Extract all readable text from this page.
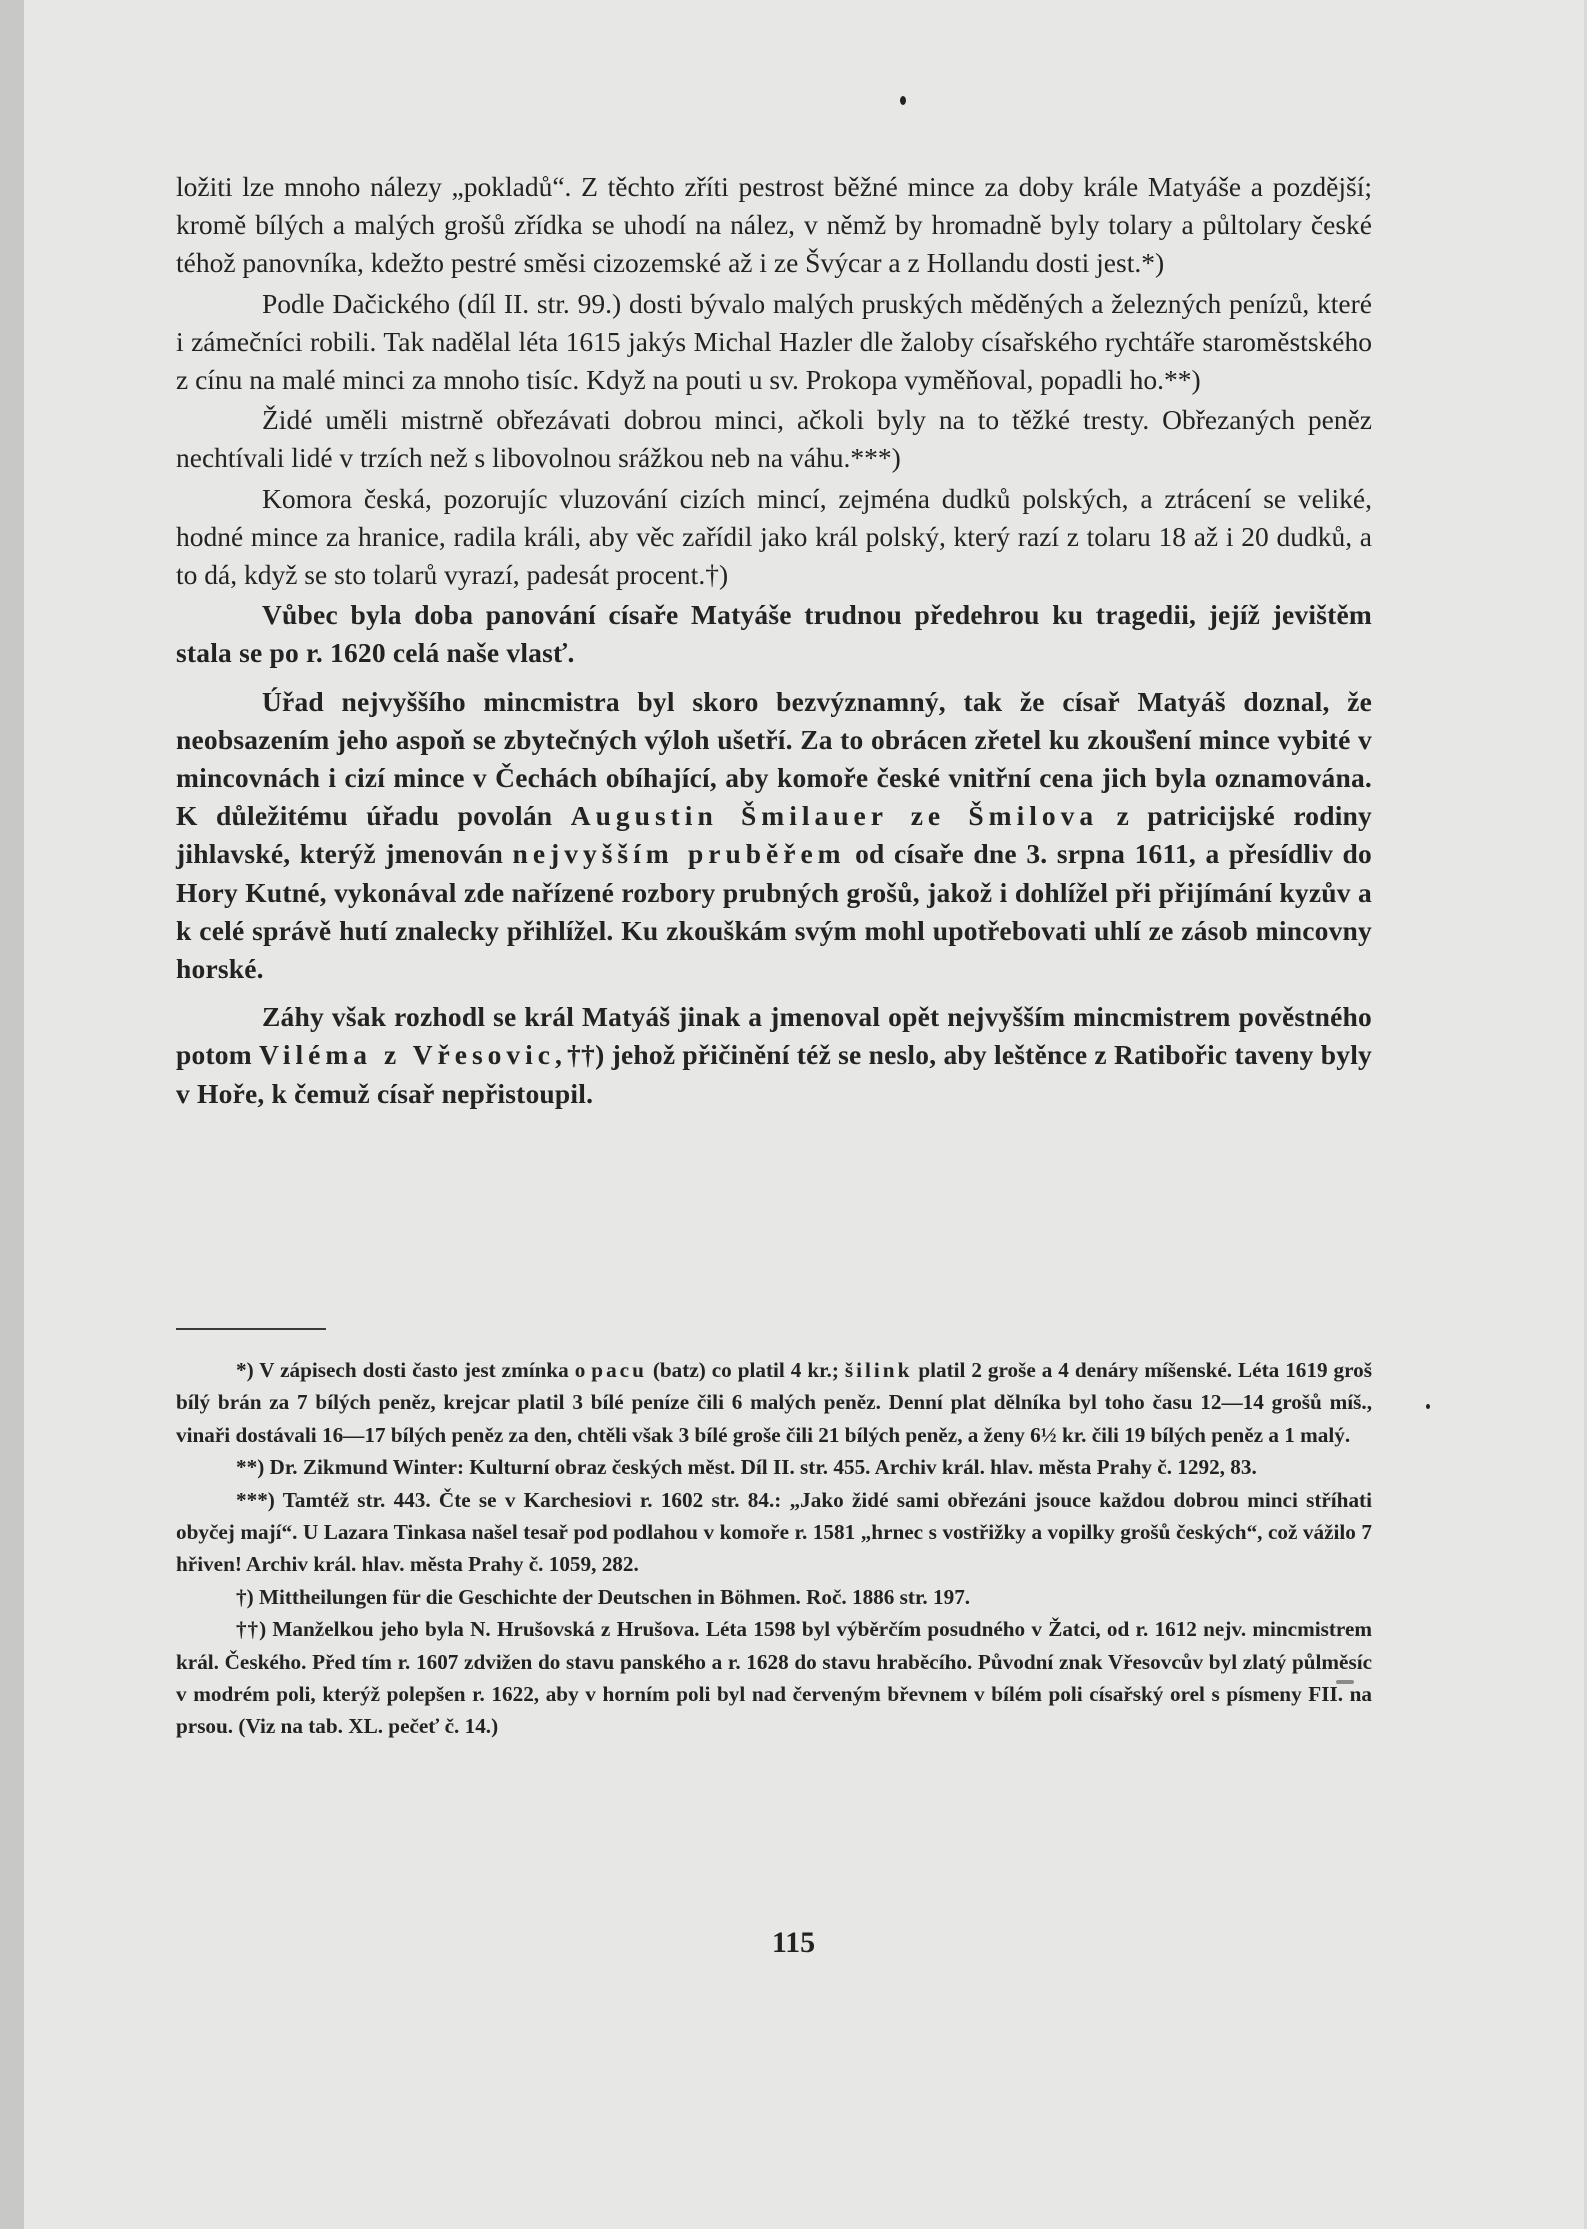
ložiti lze mnoho nálezy „pokladů“. Z těchto zříti pestrost běžné mince za doby krále Matyáše a pozdější; kromě bílých a malých grošů zřídka se uhodí na nález, v němž by hromadně byly tolary a půltolary české téhož panovníka, kdežto pestré směsi cizozemské až i ze Švýcar a z Hollandu dosti jest.*)

Podle Dačického (díl II. str. 99.) dosti bývalo malých pruských měděných a železných penízů, které i zámečníci robili. Tak nadělal léta 1615 jakýs Michal Hazler dle žaloby císařského rychtáře staroměstského z cínu na malé minci za mnoho tisíc. Když na pouti u sv. Prokopa vyměňoval, popadli ho.**)

Židé uměli mistrně obřezávati dobrou minci, ačkoli byly na to těžké tresty. Obřezaných peněz nechtívali lidé v trzích než s libovolnou srážkou neb na váhu.***)

Komora česká, pozorujíc vluzování cizích mincí, zejména dudků polských, a ztrácení se veliké, hodné mince za hranice, radila králi, aby věc zařídil jako král polský, který razí z tolaru 18 až i 20 dudků, a to dá, když se sto tolarů vyrazí, padesát procent.†)

Vůbec byla doba panování císaře Matyáše trudnou předehrou ku tragedii, jejíž jevištěm stala se po r. 1620 celá naše vlasť.

Úřad nejvyššího mincmistra byl skoro bezvýznamný, tak že císař Matyáš doznal, že neobsazením jeho aspoň se zbytečných výloh ušetří. Za to obrácen zřetel ku zkoušení mince vybité v mincovnách i cizí mince v Čechách obíhající, aby komoře české vnitřní cena jich byla oznamována. K důležitému úřadu povolán Augustin Šmilauer ze Šmilova z patricijské rodiny jihlavské, kterýž jmenován nejvyšším pruběřem od císaře dne 3. srpna 1611, a přesídliv do Hory Kutné, vykonával zde nařízené rozbory prubných grošů, jakož i dohlížel při přijímání kyzův a k celé správě hutí znalecky přihlížel. Ku zkouškám svým mohl upotřebovati uhlí ze zásob mincovny horské.

Záhy však rozhodl se král Matyáš jinak a jmenoval opět nejvyšším mincmistrem pověstného potom Viléma z Vřesovic,††) jehož přičinění též se neslo, aby leštěnce z Ratibořic taveny byly v Hoře, k čemuž císař nepřistoupil.

*) V zápisech dosti často jest zmínka o pacu (batz) co platil 4 kr.; šilink platil 2 groše a 4 denáry míšenské. Léta 1619 groš bílý brán za 7 bílých peněz, krejcar platil 3 bílé peníze čili 6 malých peněz. Denní plat dělníka byl toho času 12—14 grošů míš., vinaři dostávali 16—17 bílých peněz za den, chtěli však 3 bílé groše čili 21 bílých peněz, a ženy 6½ kr. čili 19 bílých peněz a 1 malý.

**) Dr. Zikmund Winter: Kulturní obraz českých měst. Díl II. str. 455. Archiv král. hlav. města Prahy č. 1292, 83.

***) Tamtéž str. 443. Čte se v Karchesiovi r. 1602 str. 84.: „Jako židé sami obřezáni jsouce každou dobrou minci stříhati obyčej mají“. U Lazara Tinkasa našel tesař pod podlahou v komoře r. 1581 „hrnec s vostřižky a vopilky grošů českých“, což vážilo 7 hřiven! Archiv král. hlav. města Prahy č. 1059, 282.

†) Mittheilungen für die Geschichte der Deutschen in Böhmen. Roč. 1886 str. 197.

††) Manželkou jeho byla N. Hrušovská z Hrušova. Léta 1598 byl výběrčím posudného v Žatci, od r. 1612 nejv. mincmistrem král. Českého. Před tím r. 1607 zdvižen do stavu panského a r. 1628 do stavu hraběcího. Původní znak Vřesovcův byl zlatý půlměsíc v modrém poli, kterýž polepšen r. 1622, aby v horním poli byl nad červeným břevnem v bílém poli císařský orel s písmeny FII. na prsou. (Viz na tab. XL. pečeť č. 14.)

115
